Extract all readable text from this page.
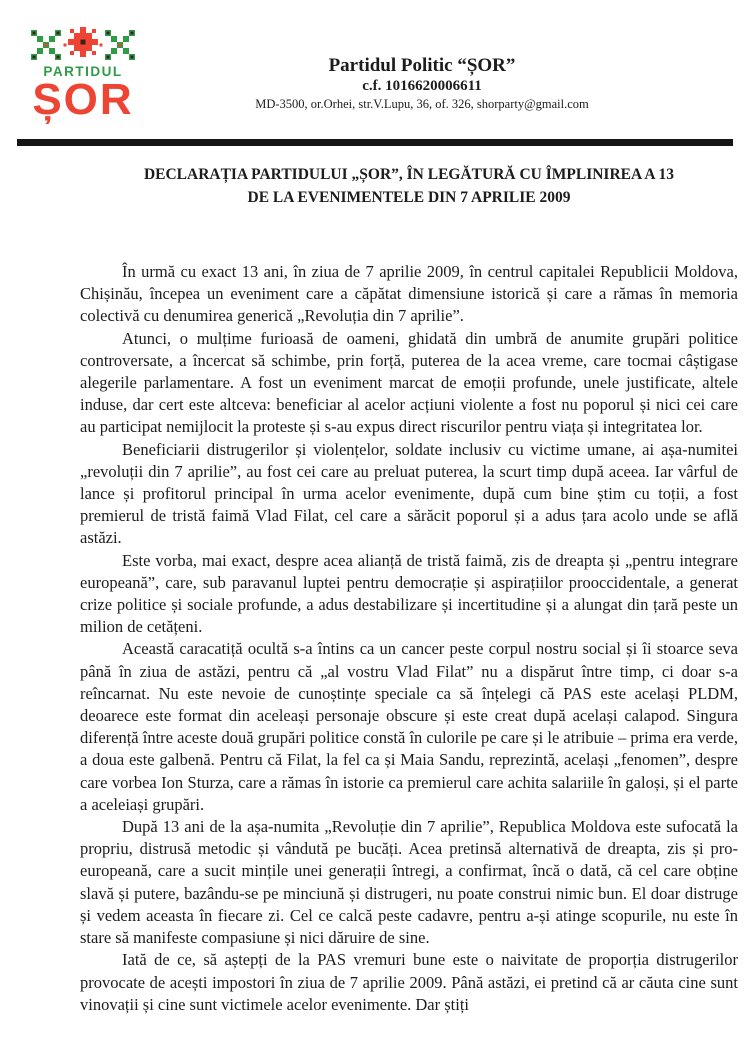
PARTIDUL
ȘOR
Partidul Politic “ȘOR”
c.f. 1016620006611
MD-3500, or.Orhei, str.V.Lupu, 36, of. 326, shorparty@gmail.com
DECLARAȚIA PARTIDULUI „ȘOR”, ÎN LEGĂTURĂ CU ÎMPLINIREA A 13
DE LA EVENIMENTELE DIN 7 APRILIE 2009

În urmă cu exact 13 ani, în ziua de 7 aprilie 2009, în centrul capitalei Republicii Moldova, Chișinău, începea un eveniment care a căpătat dimensiune istorică și care a rămas în memoria colectivă cu denumirea generică „Revoluția din 7 aprilie”.

Atunci, o mulțime furioasă de oameni, ghidată din umbră de anumite grupări politice controversate, a încercat să schimbe, prin forță, puterea de la acea vreme, care tocmai câștigase alegerile parlamentare. A fost un eveniment marcat de emoții profunde, unele justificate, altele induse, dar cert este altceva: beneficiar al acelor acțiuni violente a fost nu poporul și nici cei care au participat nemijlocit la proteste și s-au expus direct riscurilor pentru viața și integritatea lor.

Beneficiarii distrugerilor și violențelor, soldate inclusiv cu victime umane, ai așa-numitei „revoluții din 7 aprilie”, au fost cei care au preluat puterea, la scurt timp după aceea. Iar vârful de lance și profitorul principal în urma acelor evenimente, după cum bine știm cu toții, a fost premierul de tristă faimă Vlad Filat, cel care a sărăcit poporul și a adus țara acolo unde se află astăzi.

Este vorba, mai exact, despre acea alianță de tristă faimă, zis de dreapta și „pentru integrare europeană”, care, sub paravanul luptei pentru democrație și aspirațiilor prooccidentale, a generat crize politice și sociale profunde, a adus destabilizare și incertitudine și a alungat din țară peste un milion de cetățeni.

Această caracatiță ocultă s-a întins ca un cancer peste corpul nostru social și îi stoarce seva până în ziua de astăzi, pentru că „al vostru Vlad Filat” nu a dispărut între timp, ci doar s-a reîncarnat. Nu este nevoie de cunoștințe speciale ca să înțelegi că PAS este același PLDM, deoarece este format din aceleași personaje obscure și este creat după același calapod. Singura diferență între aceste două grupări politice constă în culorile pe care și le atribuie – prima era verde, a doua este galbenă. Pentru că Filat, la fel ca și Maia Sandu, reprezintă, același „fenomen”, despre care vorbea Ion Sturza, care a rămas în istorie ca premierul care achita salariile în galoși, și el parte a aceleiași grupări.

După 13 ani de la așa-numita „Revoluție din 7 aprilie”, Republica Moldova este sufocată la propriu, distrusă metodic și vândută pe bucăți. Acea pretinsă alternativă de dreapta, zis și pro-europeană, care a sucit mințile unei generații întregi, a confirmat, încă o dată, că cel care obține slavă și putere, bazându-se pe minciună și distrugeri, nu poate construi nimic bun. El doar distruge și vedem aceasta în fiecare zi. Cel ce calcă peste cadavre, pentru a-și atinge scopurile, nu este în stare să manifeste compasiune și nici dăruire de sine.

Iată de ce, să aștepți de la PAS vremuri bune este o naivitate de proporția distrugerilor provocate de acești impostori în ziua de 7 aprilie 2009. Până astăzi, ei pretind că ar căuta cine sunt vinovații și cine sunt victimele acelor evenimente. Dar știți
